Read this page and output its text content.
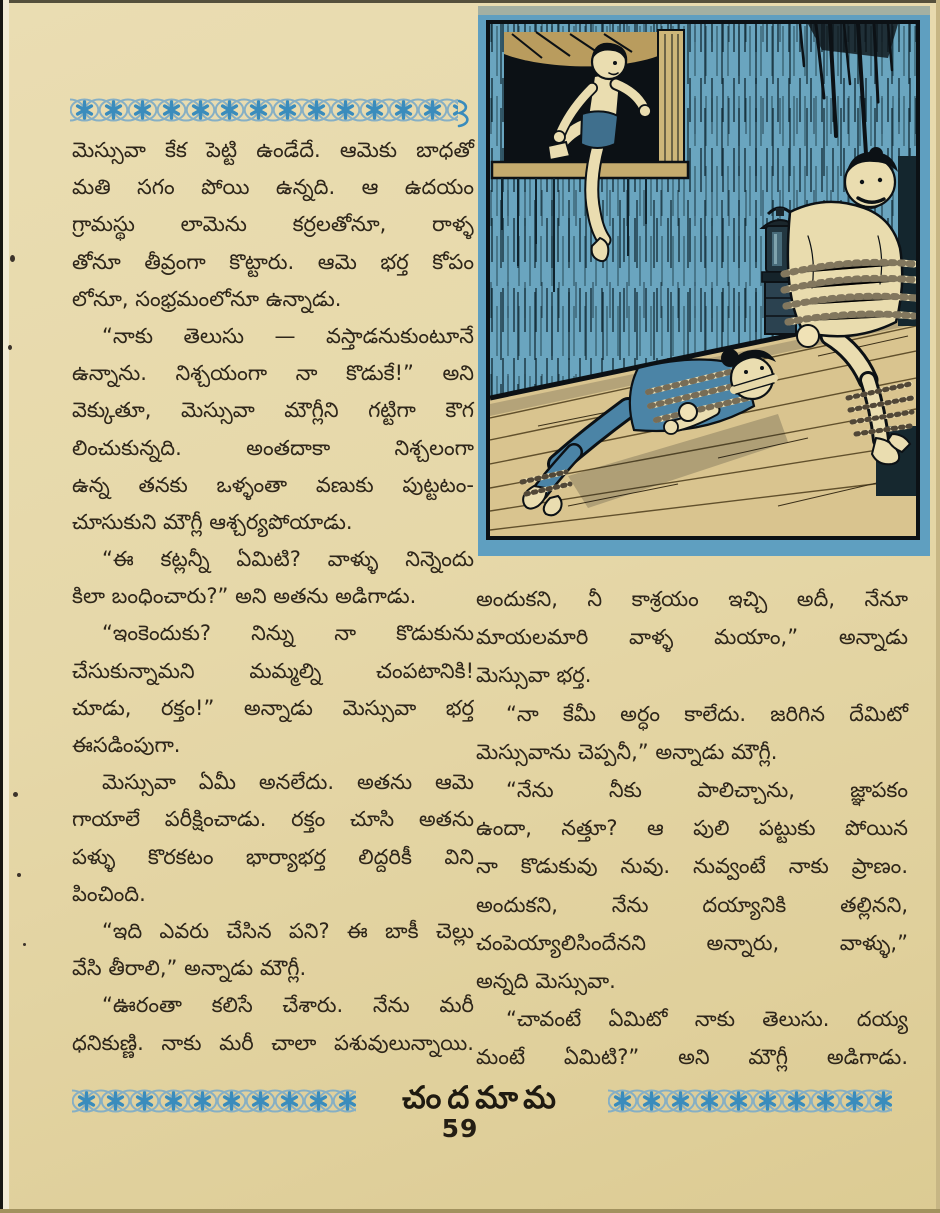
మెస్సువా కేక పెట్టి ఉండేదే. ఆమెకు బాధతో
మతి సగం పోయి ఉన్నది. ఆ ఉదయం
గ్రామస్థు లామెను కర్రలతోనూ, రాళ్ళ
తోనూ తీవ్రంగా కొట్టారు. ఆమె భర్త కోపం
లోనూ, సంభ్రమంలోనూ ఉన్నాడు.
“నాకు తెలుసు — వస్తాడనుకుంటూనే
ఉన్నాను. నిశ్చయంగా నా కొడుకే!” అని
వెక్కుతూ, మెస్సువా మౌగ్లీని గట్టిగా కౌగ
లించుకున్నది. అంతదాకా నిశ్చలంగా
ఉన్న తనకు ఒళ్ళంతా వణుకు పుట్టటం-
చూసుకుని మౌగ్లీ ఆశ్చర్యపోయాడు.
“ఈ కట్లన్నీ ఏమిటి? వాళ్ళు నిన్నెందు
కిలా బంధించారు?” అని అతను అడిగాడు.
“ఇంకెందుకు? నిన్ను నా కొడుకును
చేసుకున్నామని మమ్మల్ని చంపటానికి!
చూడు, రక్తం!” అన్నాడు మెస్సువా భర్త
ఈసడింపుగా.
మెస్సువా ఏమీ అనలేదు. అతను ఆమె
గాయాలే పరీక్షించాడు. రక్తం చూసి అతను
పళ్ళు కొరకటం భార్యాభర్త లిద్దరికీ విని
పించింది.
“ఇది ఎవరు చేసిన పని? ఈ బాకీ చెల్లు
వేసి తీరాలి,” అన్నాడు మౌగ్లీ.
“ఊరంతా కలిసే చేశారు. నేను మరీ
ధనికుణ్ణి. నాకు మరీ చాలా పశువులున్నాయి.
అందుకని, నీ కాశ్రయం ఇచ్చి అదీ, నేనూ
మాయలమారి వాళ్ళ మయాం,” అన్నాడు
మెస్సువా భర్త.
“నా కేమీ అర్ధం కాలేదు. జరిగిన దేమిటో
మెస్సువాను చెప్పనీ,” అన్నాడు మౌగ్లీ.
“నేను నీకు పాలిచ్చాను, జ్ఞాపకం
ఉందా, నత్తూ? ఆ పులి పట్టుకు పోయిన
నా కొడుకువు నువు. నువ్వంటే నాకు ప్రాణం.
అందుకని, నేను దయ్యానికి తల్లినని,
చంపెయ్యాలిసిందేనని అన్నారు, వాళ్ళు,”
అన్నది మెస్సువా.
“చావంటే ఏమిటో నాకు తెలుసు. దయ్య
మంటే ఏమిటి?” అని మౌగ్లీ అడిగాడు.
చందమామ
59
